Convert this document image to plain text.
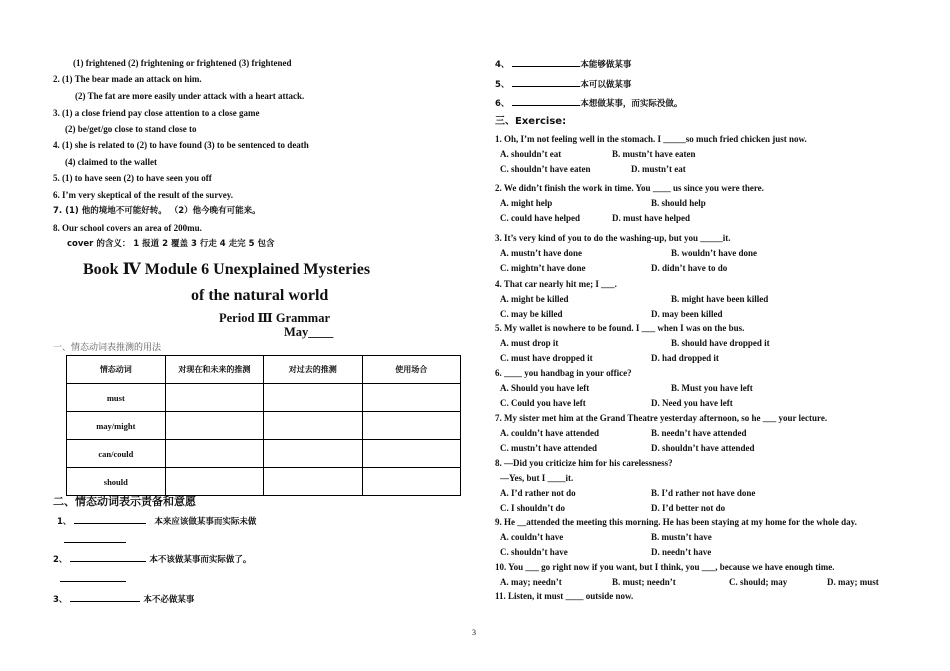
(1) frightened (2) frightening or frightened (3) frightened
2. (1) The bear made an attack on him.
(2) The fat are more easily under attack with a heart attack.
3. (1) a close friend pay close attention to a close game
(2) be/get/go close to stand close to
4. (1) she is related to (2) to have found (3) to be sentenced to death
(4) claimed to the wallet
5. (1) to have seen (2) to have seen you off
6. I’m very skeptical of the result of the survey.
7. (1) 他的境地不可能好转。 （2）他今晚有可能来。
8. Our school covers an area of 200mu.
cover 的含义： 1 报道 2 覆盖 3 行走 4 走完 5 包含
Book Ⅳ Module 6 Unexplained Mysteries
of the natural world
Period Ⅲ Grammar
May____
一、情态动词表推测的用法
情态动词	对现在和未来的推测	对过去的推测	使用场合
must			
may/might			
can/could			
should			
二、情态动词表示责备和意愿
1、	本来应该做某事而实际未做
2、	本不该做某事而实际做了。
3、	本不必做某事
4、	本能够做某事
5、	本可以做某事
6、	本想做某事，而实际没做。
三、Exercise:
1. Oh, I’m not feeling well in the stomach. I _____so much fried chicken just now.
A. shouldn’t eat	B. mustn’t have eaten
C. shouldn’t have eaten	D. mustn’t eat
2. We didn’t finish the work in time. You ____ us since you were there.
A. might help	B. should help
C. could have helped	D. must have helped
3. It’s very kind of you to do the washing-up, but you _____it.
A. mustn’t have done	B. wouldn’t have done
C. mightn’t have done	D. didn’t have to do
4. That car nearly hit me; I ___.
A. might be killed	B. might have been killed
C. may be killed	D. may been killed
5. My wallet is nowhere to be found. I ___ when I was on the bus.
A. must drop it	B. should have dropped it
C. must have dropped it	D. had dropped it
6. ____ you handbag in your office?
A. Should you have left	B. Must you have left
C. Could you have left	D. Need you have left
7. My sister met him at the Grand Theatre yesterday afternoon, so he ___ your lecture.
A. couldn’t have attended	B. needn’t have attended
C. mustn’t have attended	D. shouldn’t have attended
8. —Did you criticize him for his carelessness?
—Yes, but I ____it.
A. I’d rather not do	B. I’d rather not have done
C. I shouldn’t do	D. I’d better not do
9. He __attended the meeting this morning. He has been staying at my home for the whole day.
A. couldn’t have	B. mustn’t have
C. shouldn’t have	D. needn’t have
10. You ___ go right now if you want, but I think, you ___, because we have enough time.
A. may; needn’t	B. must; needn’t	C. should; may	D. may; must
11. Listen, it must ____ outside now.
3
